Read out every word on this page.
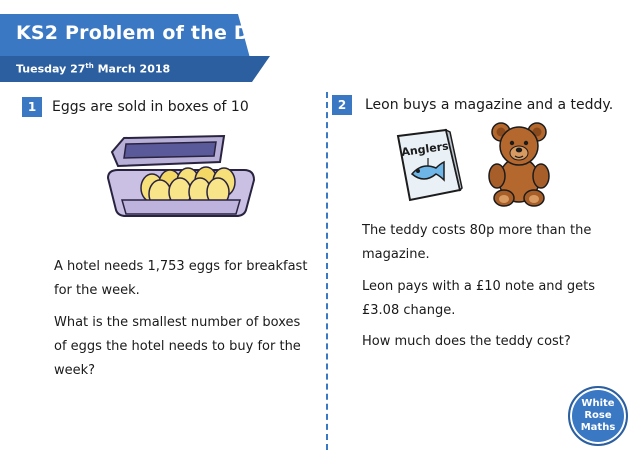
KS2 Problem of the Day
Tuesday 27th March 2018
1	Eggs are sold in boxes of 10
A hotel needs 1,753 eggs for breakfast for the week.
What is the smallest number of boxes of eggs the hotel needs to buy for the week?
2	Leon buys a magazine and a teddy.
Anglers
The teddy costs 80p more than the magazine.
Leon pays with a £10 note and gets £3.08 change.
How much does the teddy cost?
White
Rose
Maths
